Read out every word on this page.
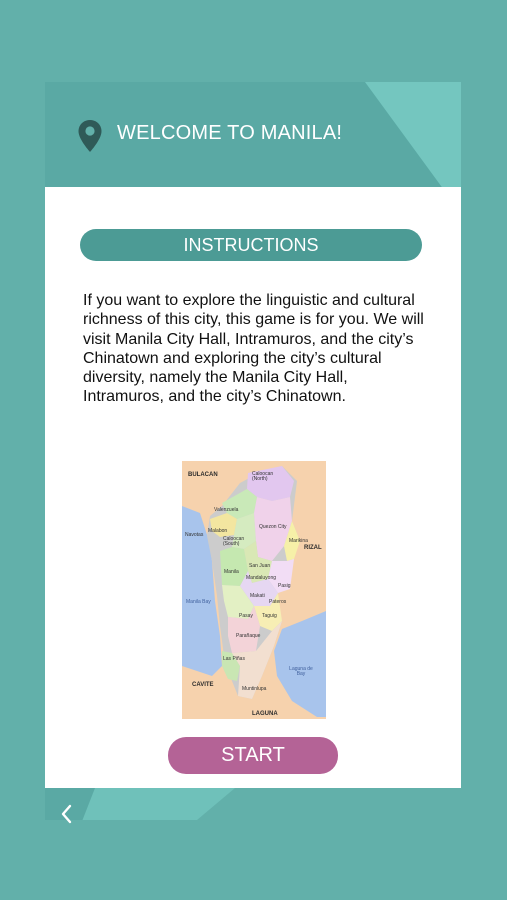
WELCOME TO MANILA!
INSTRUCTIONS
If you want to explore the linguistic and cultural richness of this city, this game is for you. We will visit Manila City Hall, Intramuros, and the city’s Chinatown and exploring the city’s cultural diversity, namely the Manila City Hall, Intramuros, and the city’s Chinatown.
BULACAN
RIZAL
CAVITE
LAGUNA
Caloocan (North)
Valenzuela
Malabon
Navotas
Caloocan (South)
Quezon City
Marikina
Manila
San Juan
Mandaluyong
Pasig
Makati
Pateros
Taguig
Pasay
Parañaque
Las Piñas
Muntinlupa
Manila Bay
Laguna de Bay
START
